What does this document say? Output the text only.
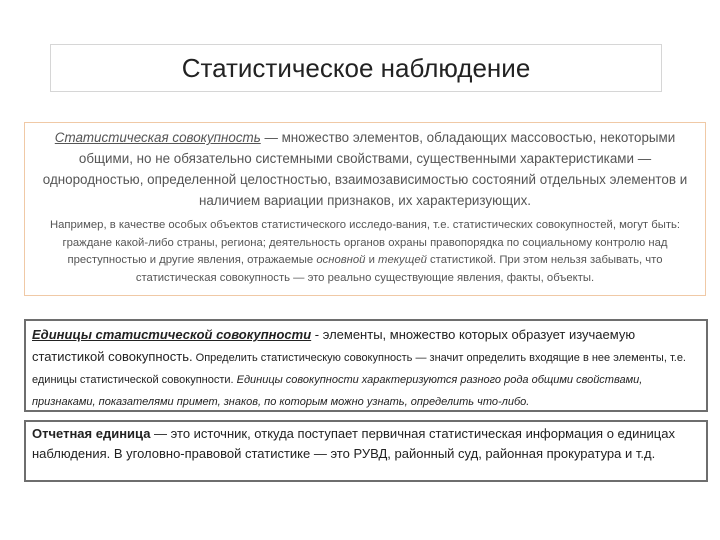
Статистическое наблюдение

Статистическая совокупность — множество элементов, обладающих массовостью, некоторыми общими, но не обязательно системными свойствами, существенными характеристиками — однородностью, определенной целостностью, взаимозависимостью состояний отдельных элементов и наличием вариации признаков, их характеризующих.

Например, в качестве особых объектов статистического исследо-вания, т.е. статистических совокупностей, могут быть: граждане какой-либо страны, региона; деятельность органов охраны правопорядка по социальному контролю над преступностью и другие явления, отражаемые основной и текущей статистикой. При этом нельзя забывать, что статистическая совокупность — это реально существующие явления, факты, объекты.

Единицы статистической совокупности - элементы, множество которых образует изучаемую статистикой совокупность. Определить статистическую совокупность — значит определить входящие в нее элементы, т.е. единицы статистической совокупности. Единицы совокупности характеризуются разного рода общими свойствами, признаками, показателями примет, знаков, по которым можно узнать, определить что-либо.
Отчетная единица — это источник, откуда поступает первичная статистическая информация о единицах наблюдения. В уголовно-правовой статистике — это РУВД, районный суд, районная прокуратура и т.д.
